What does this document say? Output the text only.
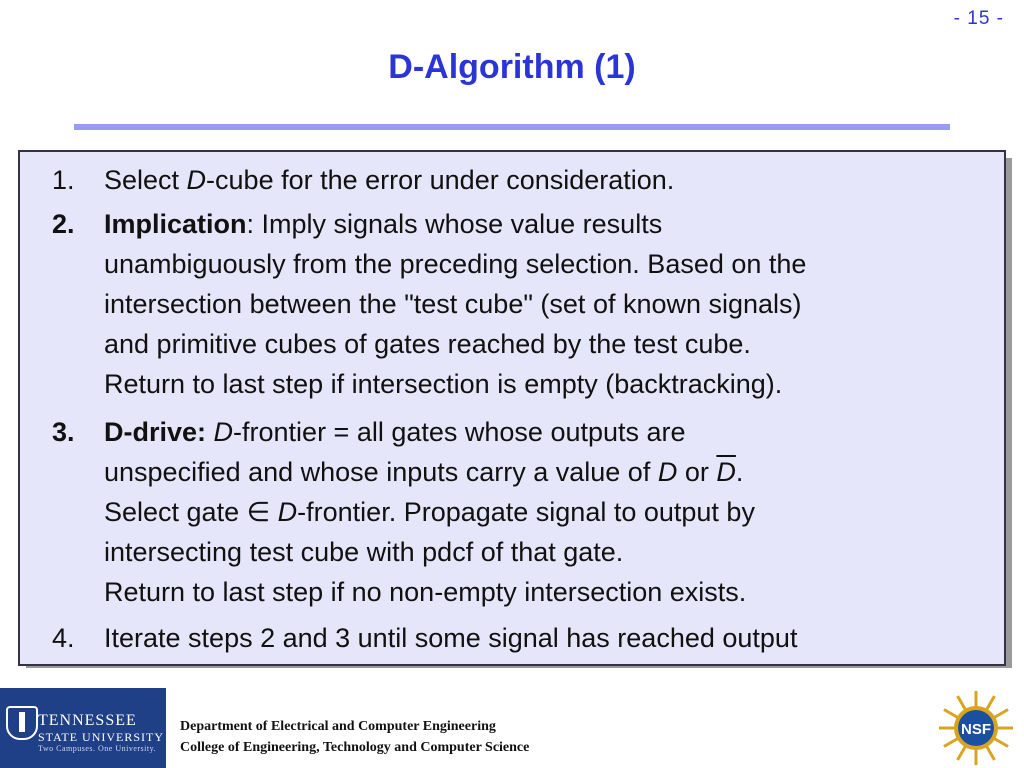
- 15 -
D-Algorithm (1)
1. Select D-cube for the error under consideration.
2. Implication: Imply signals whose value results
unambiguously from the preceding selection. Based on the
intersection between the "test cube" (set of known signals)
and primitive cubes of gates reached by the test cube.
Return to last step if intersection is empty (backtracking).
3. D-drive: D-frontier = all gates whose outputs are
unspecified and whose inputs carry a value of D or $\overline{D}$.
Select gate ∈ D-frontier. Propagate signal to output by
intersecting test cube with pdcf of that gate.
Return to last step if no non-empty intersection exists.
4. Iterate steps 2 and 3 until some signal has reached output
TENNESSEE
STATE UNIVERSITY
Two Campuses. One University.
Department of Electrical and Computer Engineering
College of Engineering, Technology and Computer Science
NSF
